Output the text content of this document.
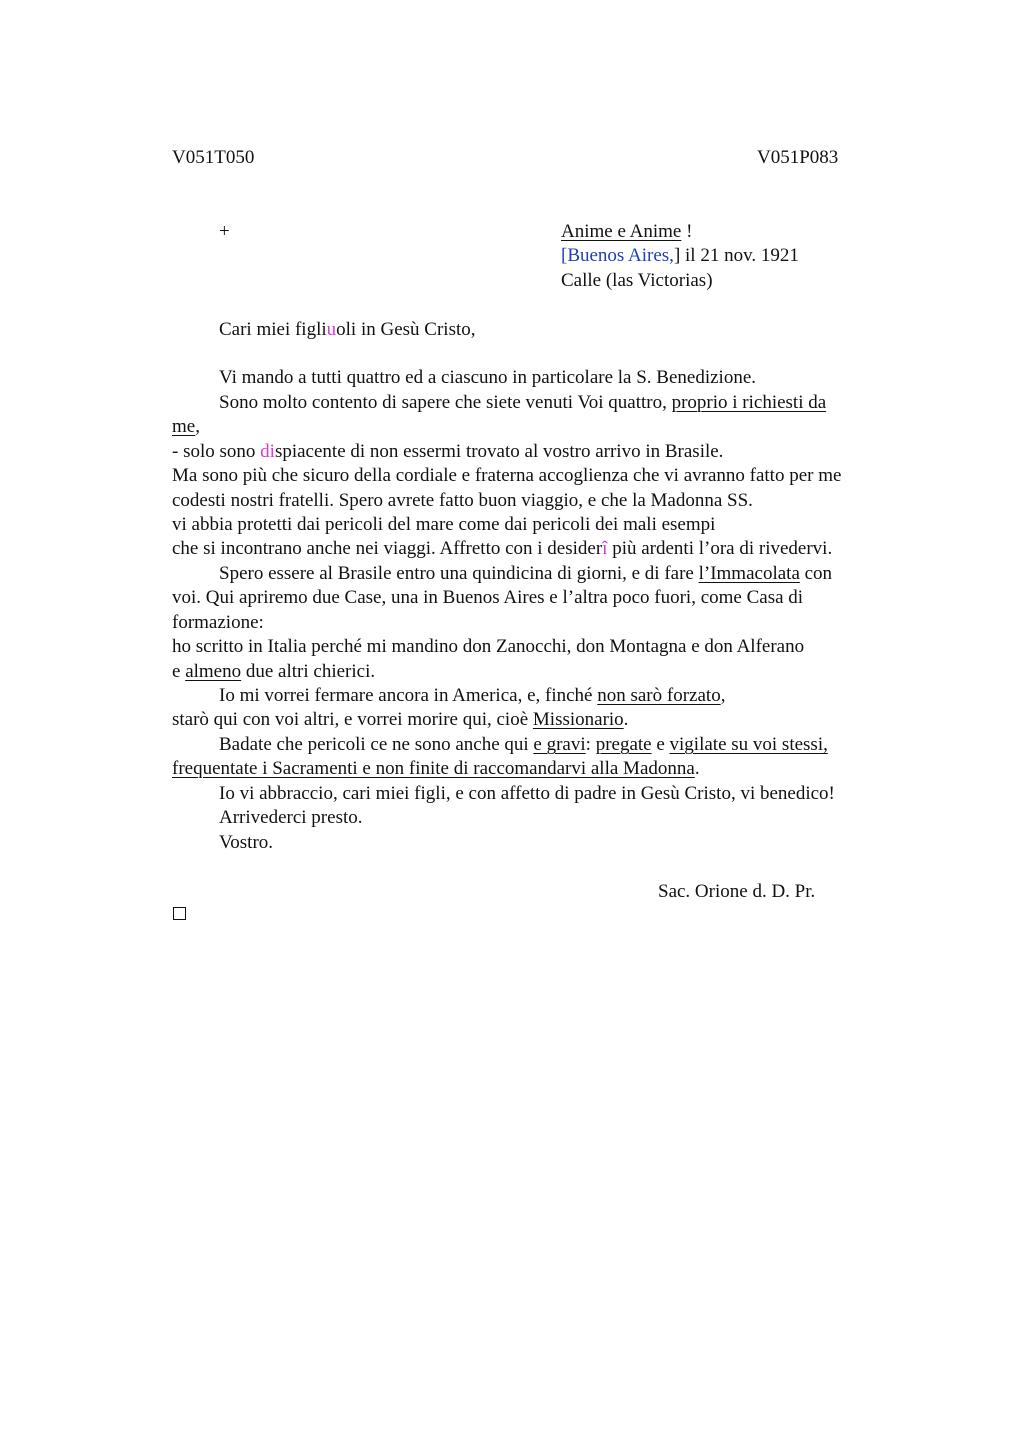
V051T050	V051P083
+	Anime e Anime !
[Buenos Aires,] il 21 nov. 1921
Calle (las Victorias)
Cari miei figliuoli in Gesù Cristo,
Vi mando a tutti quattro ed a ciascuno in particolare la S. Benedizione.
Sono molto contento di sapere che siete venuti Voi quattro, proprio i richiesti da
me,
- solo sono dispiacente di non essermi trovato al vostro arrivo in Brasile.
Ma sono più che sicuro della cordiale e fraterna accoglienza che vi avranno fatto per me
codesti nostri fratelli. Spero avrete fatto buon viaggio, e che la Madonna SS.
vi abbia protetti dai pericoli del mare come dai pericoli dei mali esempi
che si incontrano anche nei viaggi. Affretto con i desiderî più ardenti l’ora di rivedervi.
Spero essere al Brasile entro una quindicina di giorni, e di fare l’Immacolata con
voi. Qui apriremo due Case, una in Buenos Aires e l’altra poco fuori, come Casa di
formazione:
ho scritto in Italia perché mi mandino don Zanocchi, don Montagna e don Alferano
e almeno due altri chierici.
Io mi vorrei fermare ancora in America, e, finché non sarò forzato,
starò qui con voi altri, e vorrei morire qui, cioè Missionario.
Badate che pericoli ce ne sono anche qui e gravi: pregate e vigilate su voi stessi,
frequentate i Sacramenti e non finite di raccomandarvi alla Madonna.
Io vi abbraccio, cari miei figli, e con affetto di padre in Gesù Cristo, vi benedico!
Arrivederci presto.
Vostro.
Sac. Orione d. D. Pr.
